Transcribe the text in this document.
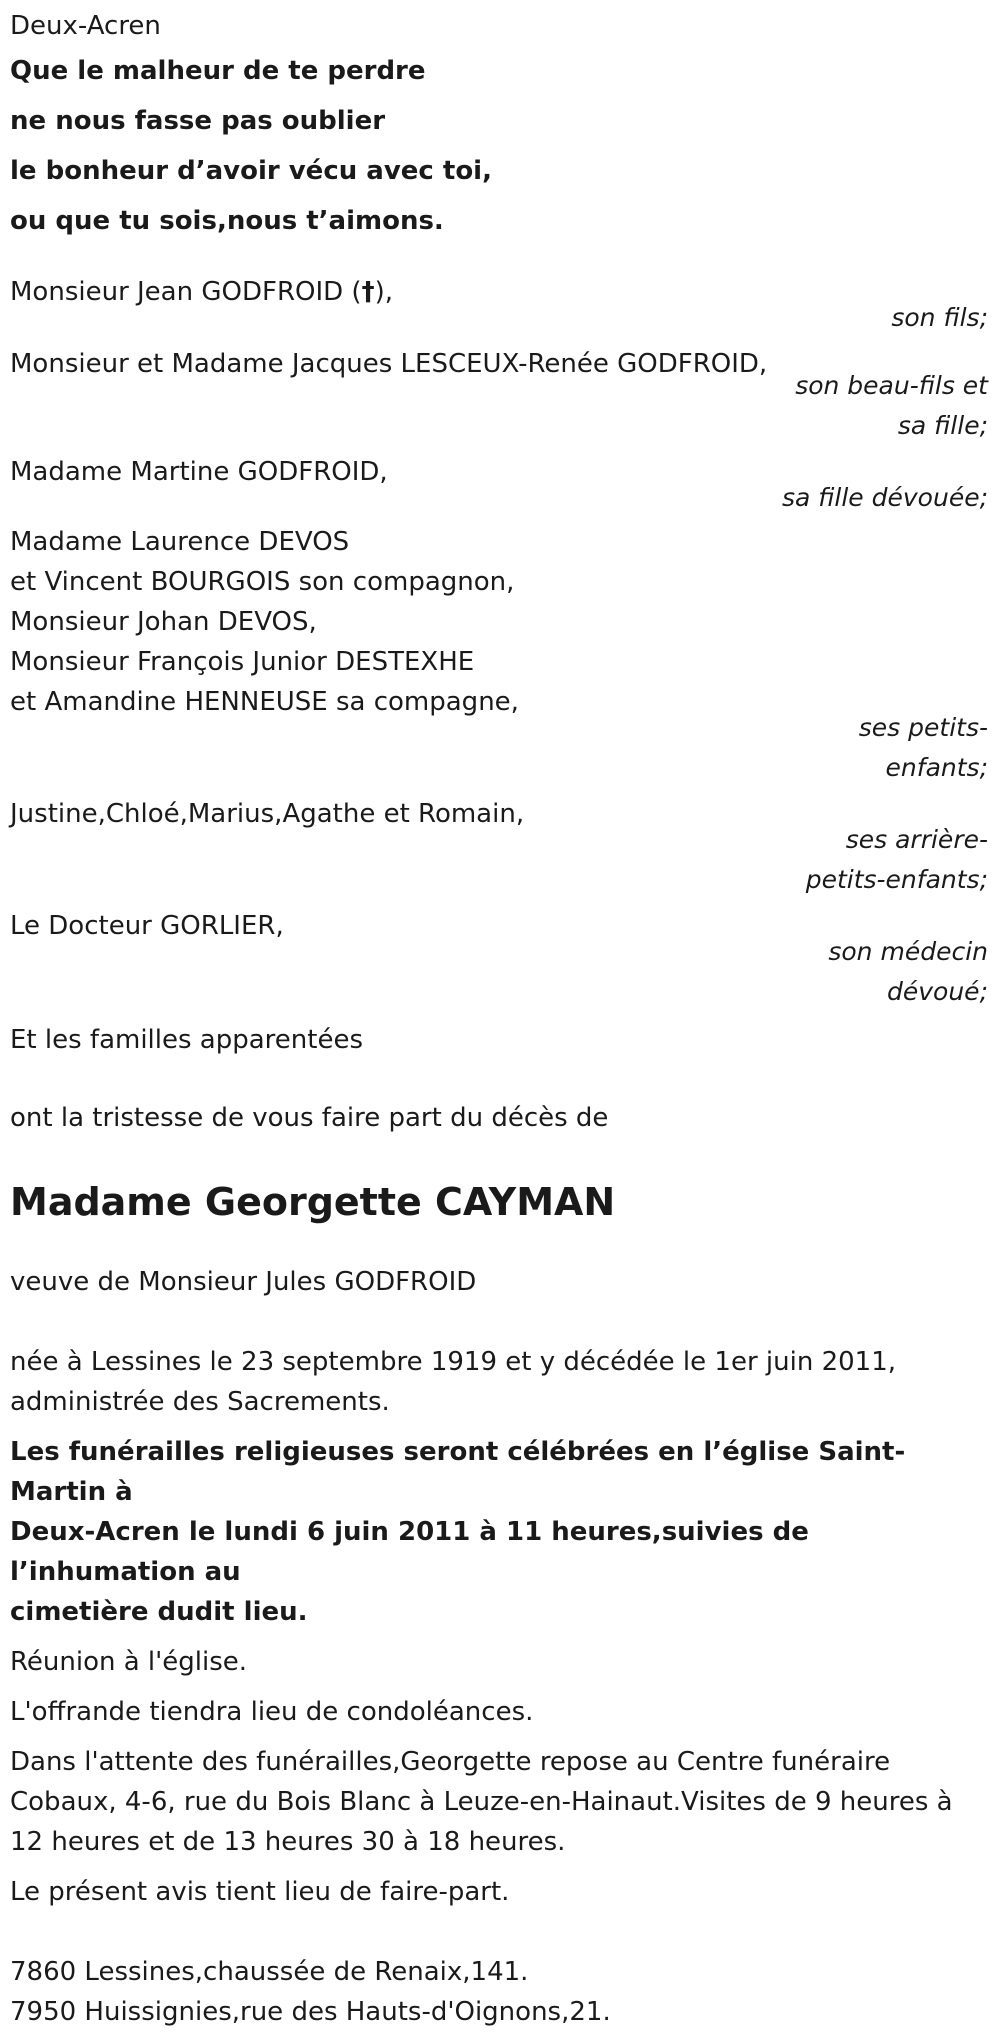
Deux-Acren
Que le malheur de te perdre
ne nous fasse pas oublier
le bonheur d’avoir vécu avec toi,
ou que tu sois,nous t’aimons.
Monsieur Jean GODFROID (†),
son fils;
Monsieur et Madame Jacques LESCEUX-Renée GODFROID,
son beau-fils et sa fille;
Madame Martine GODFROID,
sa fille dévouée;
Madame Laurence DEVOS
et Vincent BOURGOIS son compagnon,
Monsieur Johan DEVOS,
Monsieur François Junior DESTEXHE
et Amandine HENNEUSE sa compagne,
ses petits-enfants;
Justine,Chloé,Marius,Agathe et Romain,
ses arrière-petits-enfants;
Le Docteur GORLIER,
son médecin dévoué;
Et les familles apparentées
ont la tristesse de vous faire part du décès de
Madame Georgette CAYMAN
veuve de Monsieur Jules GODFROID
née à Lessines le 23 septembre 1919 et y décédée le 1er juin 2011,
administrée des Sacrements.
Les funérailles religieuses seront célébrées en l’église Saint-Martin à
Deux-Acren le lundi 6 juin 2011 à 11 heures,suivies de l’inhumation au
cimetière dudit lieu.
Réunion à l'église.
L'offrande tiendra lieu de condoléances.
Dans l'attente des funérailles,Georgette repose au Centre funéraire
Cobaux, 4-6, rue du Bois Blanc à Leuze-en-Hainaut.Visites de 9 heures à
12 heures et de 13 heures 30 à 18 heures.
Le présent avis tient lieu de faire-part.
7860 Lessines,chaussée de Renaix,141.
7950 Huissignies,rue des Hauts-d'Oignons,21.
